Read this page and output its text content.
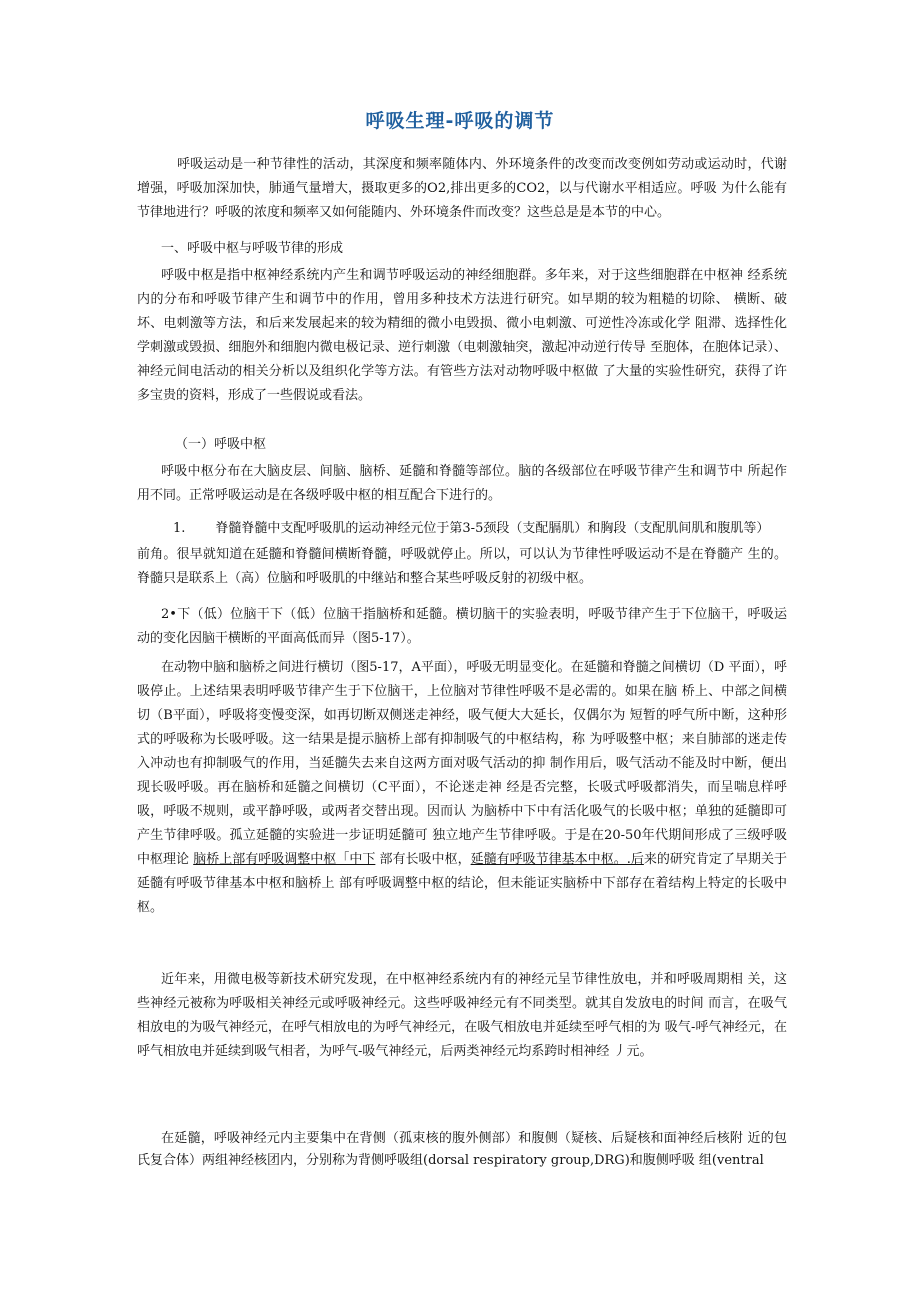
呼吸生理-呼吸的调节

呼吸运动是一种节律性的活动，其深度和频率随体内、外环境条件的改变而改变例如劳动或运动时，代谢增强，呼吸加深加快，肺通气量增大，摄取更多的O2,排出更多的CO2，以与代谢水平相适应。呼吸 为什么能有节律地进行？呼吸的浓度和频率又如何能随内、外环境条件而改变？这些总是是本节的中心。

一、呼吸中枢与呼吸节律的形成

呼吸中枢是指中枢神经系统内产生和调节呼吸运动的神经细胞群。多年来，对于这些细胞群在中枢神 经系统内的分布和呼吸节律产生和调节中的作用，曾用多种技术方法进行研究。如早期的较为粗糙的切除、 横断、破坏、电刺激等方法，和后来发展起来的较为精细的微小电毁损、微小电刺激、可逆性冷冻或化学 阻滞、选择性化学刺激或毁损、细胞外和细胞内微电极记录、逆行刺激（电刺激轴突，激起冲动逆行传导 至胞体，在胞体记录）、神经元间电活动的相关分析以及组织化学等方法。有管些方法对动物呼吸中枢做 了大量的实验性研究，获得了许多宝贵的资料，形成了一些假说或看法。

（一）呼吸中枢

呼吸中枢分布在大脑皮层、间脑、脑桥、延髓和脊髓等部位。脑的各级部位在呼吸节律产生和调节中 所起作用不同。正常呼吸运动是在各级呼吸中枢的相互配合下进行的。

1. 脊髓脊髓中支配呼吸肌的运动神经元位于第3-5颈段（支配膈肌）和胸段（支配肌间肌和腹肌等）

前角。很早就知道在延髓和脊髓间横断脊髓，呼吸就停止。所以，可以认为节律性呼吸运动不是在脊髓产 生的。脊髓只是联系上（高）位脑和呼吸肌的中继站和整合某些呼吸反射的初级中枢。

2•下（低）位脑干下（低）位脑干指脑桥和延髓。横切脑干的实验表明，呼吸节律产生于下位脑干，呼吸运动的变化因脑干横断的平面高低而异（图5-17）。

在动物中脑和脑桥之间进行横切（图5-17，A平面），呼吸无明显变化。在延髓和脊髓之间横切（D 平面），呼吸停止。上述结果表明呼吸节律产生于下位脑干，上位脑对节律性呼吸不是必需的。如果在脑 桥上、中部之间横切（B平面），呼吸将变慢变深，如再切断双侧迷走神经，吸气便大大延长，仅偶尔为 短暂的呼气所中断，这种形式的呼吸称为长吸呼吸。这一结果是提示脑桥上部有抑制吸气的中枢结构，称 为呼吸整中枢；来自肺部的迷走传入冲动也有抑制吸气的作用，当延髓失去来自这两方面对吸气活动的抑 制作用后，吸气活动不能及时中断，便出现长吸呼吸。再在脑桥和延髓之间横切（C平面），不论迷走神 经是否完整，长吸式呼吸都消失，而呈喘息样呼吸，呼吸不规则，或平静呼吸，或两者交替出现。因而认 为脑桥中下中有活化吸气的长吸中枢；单独的延髓即可产生节律呼吸。孤立延髓的实验进一步证明延髓可 独立地产生节律呼吸。于是在20-50年代期间形成了三级呼吸中枢理论 脑桥上部有呼吸调整中枢「中下 部有长吸中枢，延髓有呼吸节律基本中枢。.后来的研究肯定了早期关于延髓有呼吸节律基本中枢和脑桥上 部有呼吸调整中枢的结论，但未能证实脑桥中下部存在着结构上特定的长吸中枢。

近年来，用微电极等新技术研究发现，在中枢神经系统内有的神经元呈节律性放电，并和呼吸周期相 关，这些神经元被称为呼吸相关神经元或呼吸神经元。这些呼吸神经元有不同类型。就其自发放电的时间 而言，在吸气相放电的为吸气神经元，在呼气相放电的为呼气神经元，在吸气相放电并延续至呼气相的为 吸气-呼气神经元，在呼气相放电并延续到吸气相者，为呼气-吸气神经元，后两类神经元均系跨时相神经 丿元。

在延髓，呼吸神经元内主要集中在背侧（孤束核的腹外侧部）和腹侧（疑核、后疑核和面神经后核附 近的包氏复合体）两组神经核团内，分别称为背侧呼吸组(dorsal respiratory group,DRG)和腹侧呼吸 组(ventral
